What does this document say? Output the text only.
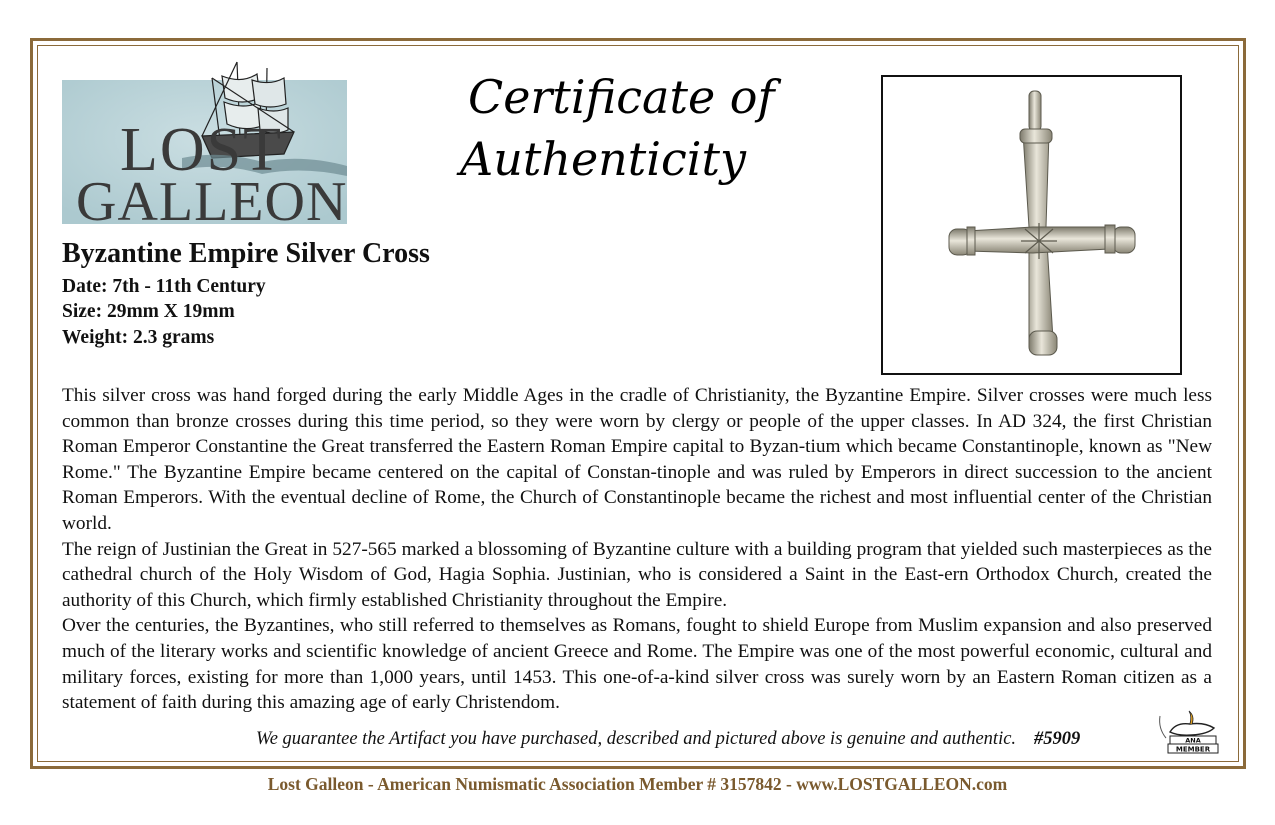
LOST
GALLEON
Certificate of
Authenticity
Byzantine Empire Silver Cross
Date: 7th - 11th Century
Size: 29mm X 19mm
Weight: 2.3 grams

This silver cross was hand forged during the early Middle Ages in the cradle of Christianity, the Byzantine Empire. Silver crosses were much less common than bronze crosses during this time period, so they were worn by clergy or people of the upper classes. In AD 324, the first Christian Roman Emperor Constantine the Great transferred the Eastern Roman Empire capital to Byzan-tium which became Constantinople, known as "New Rome." The Byzantine Empire became centered on the capital of Constan-tinople and was ruled by Emperors in direct succession to the ancient Roman Emperors. With the eventual decline of Rome, the Church of Constantinople became the richest and most influential center of the Christian world.

The reign of Justinian the Great in 527-565 marked a blossoming of Byzantine culture with a building program that yielded such masterpieces as the cathedral church of the Holy Wisdom of God, Hagia Sophia. Justinian, who is considered a Saint in the East-ern Orthodox Church, created the authority of this Church, which firmly established Christianity throughout the Empire.

Over the centuries, the Byzantines, who still referred to themselves as Romans, fought to shield Europe from Muslim expansion and also preserved much of the literary works and scientific knowledge of ancient Greece and Rome. The Empire was one of the most powerful economic, cultural and military forces, existing for more than 1,000 years, until 1453. This one-of-a-kind silver cross was surely worn by an Eastern Roman citizen as a statement of faith during this amazing age of early Christendom.

We guarantee the Artifact you have purchased, described and pictured above is genuine and authentic. #5909	ANA
MEMBER
Lost Galleon - American Numismatic Association Member # 3157842 - www.LOSTGALLEON.com
